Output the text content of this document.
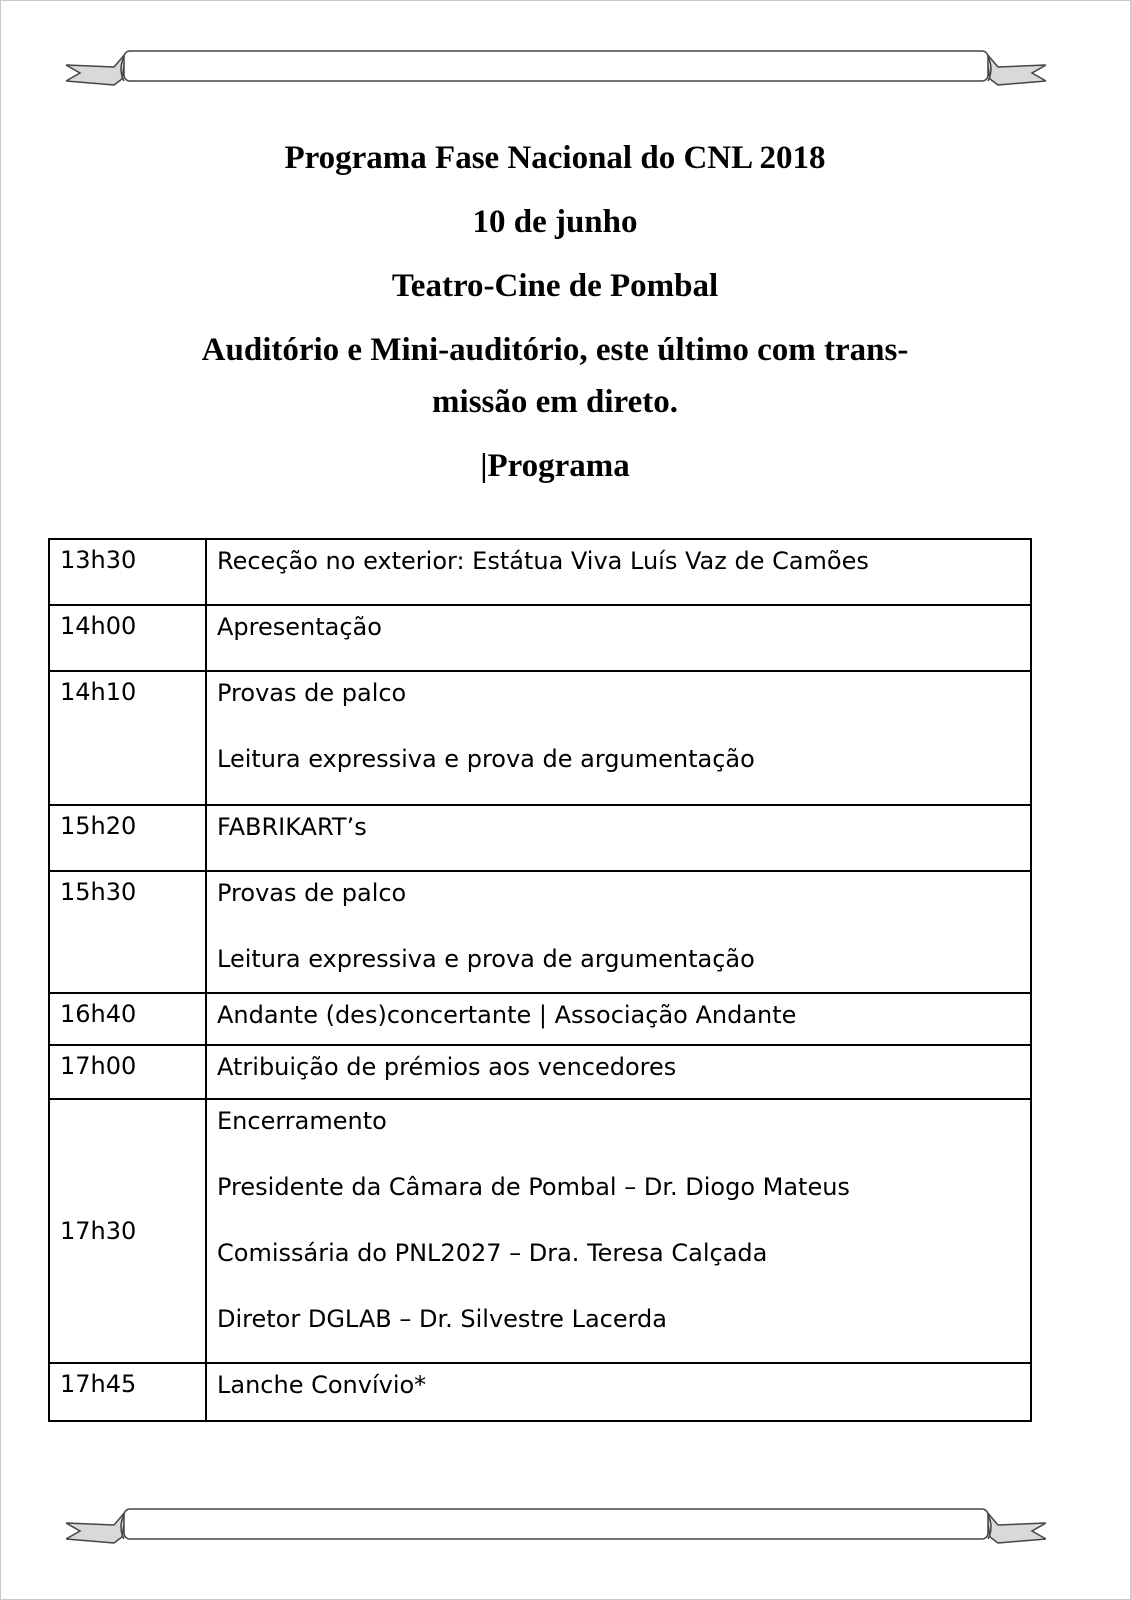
Programa Fase Nacional do CNL 2018

10 de junho

Teatro-Cine de Pombal

Auditório e Mini-auditório, este último com trans-

missão em direto.

|Programa

13h30	Receção no exterior: Estátua Viva Luís Vaz de Camões

14h00	Apresentação

14h10	Provas de palco

Leitura expressiva e prova de argumentação

15h20	FABRIKART’s

15h30	Provas de palco

Leitura expressiva e prova de argumentação

16h40	Andante (des)concertante | Associação Andante

17h00	Atribuição de prémios aos vencedores

17h30	Encerramento

Presidente da Câmara de Pombal – Dr. Diogo Mateus

Comissária do PNL2027 – Dra. Teresa Calçada

Diretor DGLAB – Dr. Silvestre Lacerda

17h45	Lanche Convívio*
